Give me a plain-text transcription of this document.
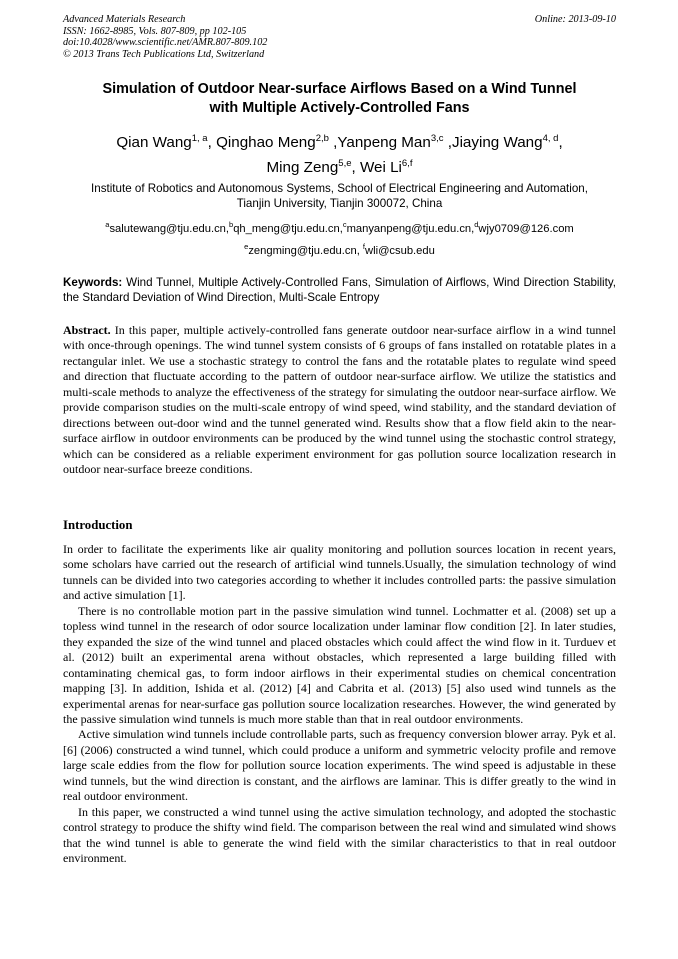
Advanced Materials Research
ISSN: 1662-8985, Vols. 807-809, pp 102-105
doi:10.4028/www.scientific.net/AMR.807-809.102
© 2013 Trans Tech Publications Ltd, Switzerland
Online: 2013-09-10
Simulation of Outdoor Near-surface Airflows Based on a Wind Tunnel
with Multiple Actively-Controlled Fans
Qian Wang$^{1, a}$, Qinghao Meng$^{2,b}$ ,Yanpeng Man$^{3,c}$ ,Jiaying Wang$^{4, d}$,
Ming Zeng$^{5,e}$, Wei Li$^{6,f}$
Institute of Robotics and Autonomous Systems, School of Electrical Engineering and Automation,
Tianjin University, Tianjin 300072, China
$^a$salutewang@tju.edu.cn,$^b$qh_meng@tju.edu.cn,$^c$manyanpeng@tju.edu.cn,$^d$wjy0709@126.com
$^e$zengming@tju.edu.cn, $^f$wli@csub.edu
Keywords: Wind Tunnel, Multiple Actively-Controlled Fans, Simulation of Airflows, Wind Direction Stability, the Standard Deviation of Wind Direction, Multi-Scale Entropy
Abstract. In this paper, multiple actively-controlled fans generate outdoor near-surface airflow in a wind tunnel with once-through openings. The wind tunnel system consists of 6 groups of fans installed on rotatable plates in a rectangular inlet. We use a stochastic strategy to control the fans and the rotatable plates to regulate wind speed and direction that fluctuate according to the pattern of outdoor near-surface airflow. We utilize the statistics and multi-scale methods to analyze the effectiveness of the strategy for simulating the outdoor near-surface airflow. We provide comparison studies on the multi-scale entropy of wind speed, wind stability, and the standard deviation of directions between out-door wind and the tunnel generated wind. Results show that a flow field akin to the near-surface airflow in outdoor environments can be produced by the wind tunnel using the stochastic control strategy, which can be considered as a reliable experiment environment for gas pollution source localization research in outdoor near-surface breeze conditions.
Introduction

In order to facilitate the experiments like air quality monitoring and pollution sources location in recent years, some scholars have carried out the research of artificial wind tunnels.Usually, the simulation technology of wind tunnels can be divided into two categories according to whether it includes controlled parts: the passive simulation and active simulation [1].

There is no controllable motion part in the passive simulation wind tunnel. Lochmatter et al. (2008) set up a topless wind tunnel in the research of odor source localization under laminar flow condition [2]. In later studies, they expanded the size of the wind tunnel and placed obstacles which could affect the wind flow in it. Turduev et al. (2012) built an experimental arena without obstacles, which represented a large building filled with contaminating chemical gas, to form indoor airflows in their experimental studies on chemical concentration mapping [3]. In addition, Ishida et al. (2012) [4] and Cabrita et al. (2013) [5] also used wind tunnels as the experimental arenas for near-surface gas pollution source localization researches. However, the wind generated by the passive simulation wind tunnels is much more stable than that in real outdoor environments.

Active simulation wind tunnels include controllable parts, such as frequency conversion blower array. Pyk et al. [6] (2006) constructed a wind tunnel, which could produce a uniform and symmetric velocity profile and remove large scale eddies from the flow for pollution source location experiments. The wind speed is adjustable in these wind tunnels, but the wind direction is constant, and the airflows are laminar. This is differ greatly to the wind in real outdoor environment.

In this paper, we constructed a wind tunnel using the active simulation technology, and adopted the stochastic control strategy to produce the shifty wind field. The comparison between the real wind and simulated wind shows that the wind tunnel is able to generate the wind field with the similar characteristics to that in real outdoor environment.
